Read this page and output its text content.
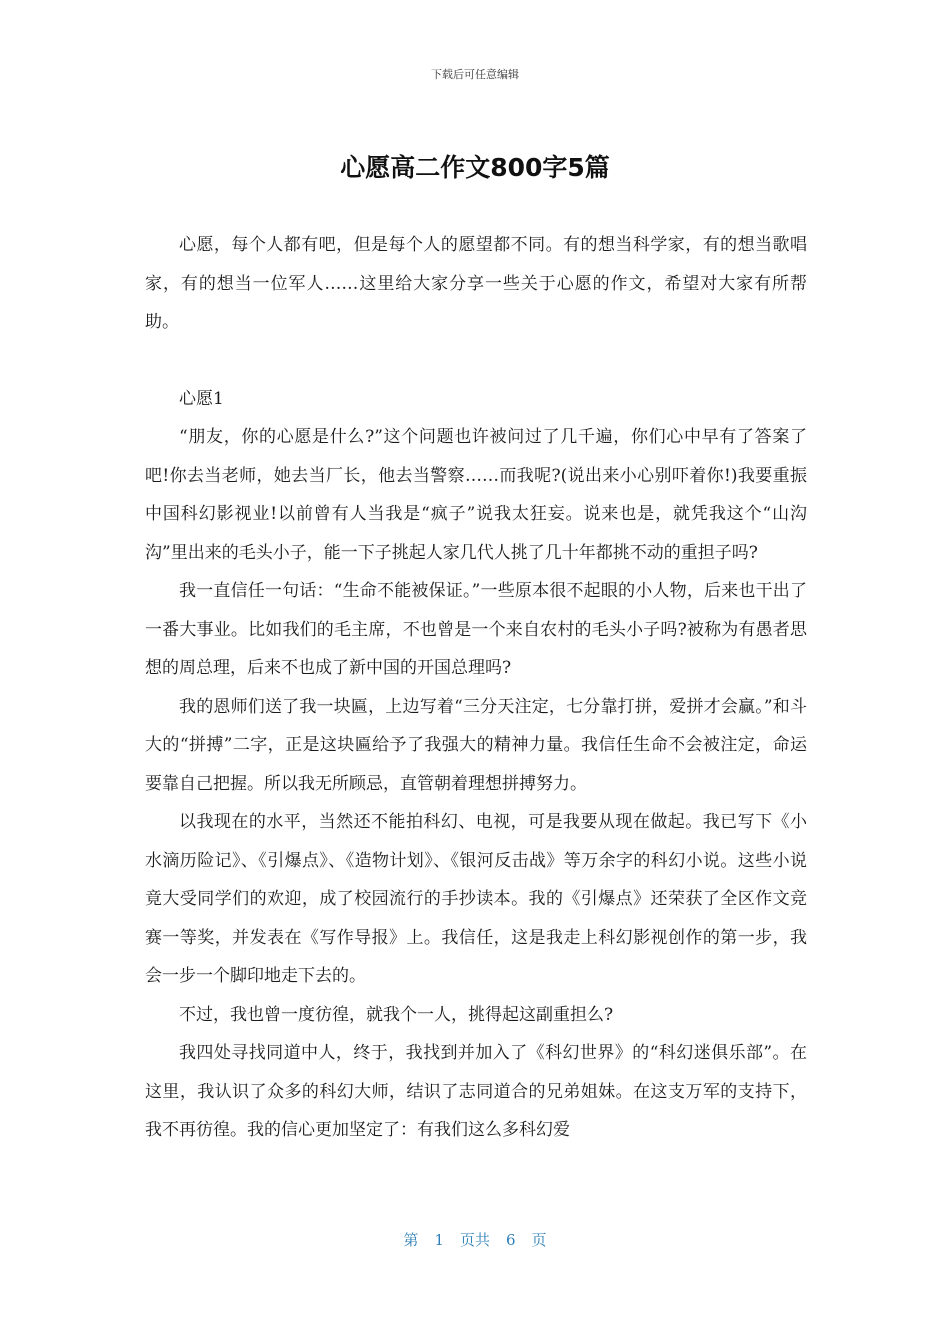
下载后可任意编辑
心愿高二作文800字5篇

心愿，每个人都有吧，但是每个人的愿望都不同。有的想当科学家，有的想当歌唱家，有的想当一位军人……这里给大家分享一些关于心愿的作文，希望对大家有所帮助。

心愿1

“朋友，你的心愿是什么?”这个问题也许被问过了几千遍，你们心中早有了答案了吧!你去当老师，她去当厂长，他去当警察……而我呢?(说出来小心别吓着你!)我要重振中国科幻影视业!以前曾有人当我是“疯子”说我太狂妄。说来也是，就凭我这个“山沟沟”里出来的毛头小子，能一下子挑起人家几代人挑了几十年都挑不动的重担子吗?

我一直信任一句话：“生命不能被保证。”一些原本很不起眼的小人物，后来也干出了一番大事业。比如我们的毛主席，不也曾是一个来自农村的毛头小子吗?被称为有愚者思想的周总理，后来不也成了新中国的开国总理吗?

我的恩师们送了我一块匾，上边写着“三分天注定，七分靠打拼，爱拼才会赢。”和斗大的“拼搏”二字，正是这块匾给予了我强大的精神力量。我信任生命不会被注定，命运要靠自己把握。所以我无所顾忌，直管朝着理想拼搏努力。

以我现在的水平，当然还不能拍科幻、电视，可是我要从现在做起。我已写下《小水滴历险记》、《引爆点》、《造物计划》、《银河反击战》等万余字的科幻小说。这些小说竟大受同学们的欢迎，成了校园流行的手抄读本。我的《引爆点》还荣获了全区作文竞赛一等奖，并发表在《写作导报》上。我信任，这是我走上科幻影视创作的第一步，我会一步一个脚印地走下去的。

不过，我也曾一度彷徨，就我个一人，挑得起这副重担么?

我四处寻找同道中人，终于，我找到并加入了《科幻世界》的“科幻迷俱乐部”。在这里，我认识了众多的科幻大师，结识了志同道合的兄弟姐妹。在这支万军的支持下，我不再彷徨。我的信心更加坚定了：有我们这么多科幻爱

第 1 页共 6 页
